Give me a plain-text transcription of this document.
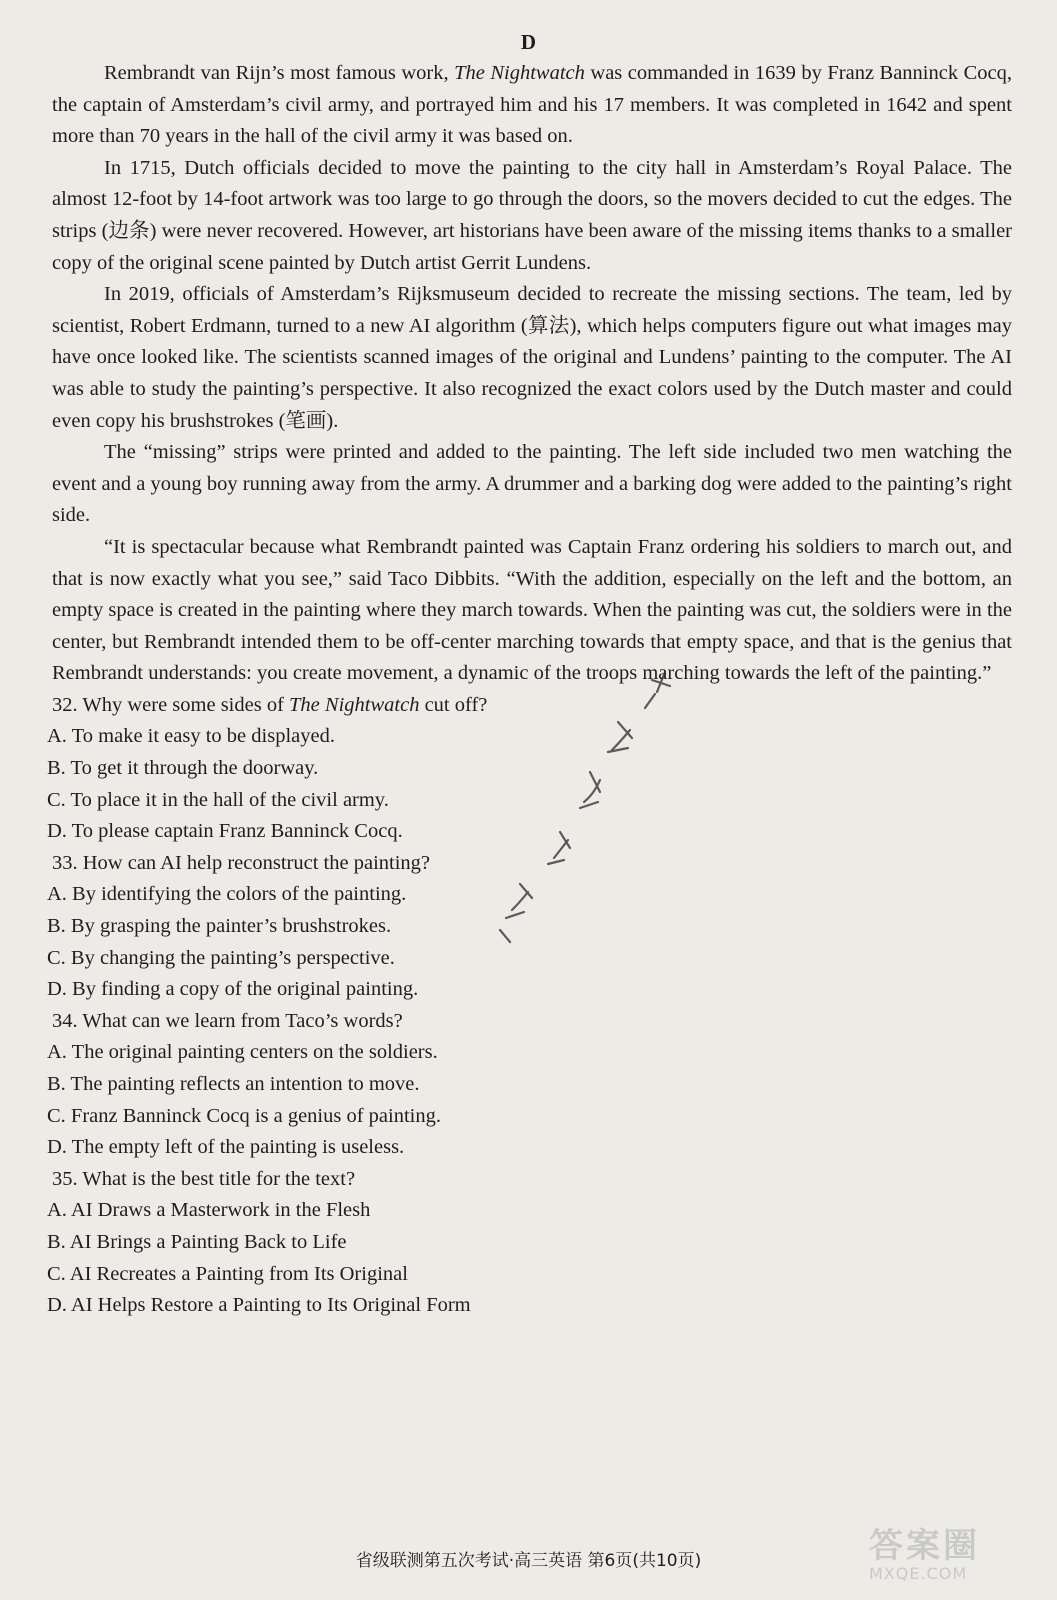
D

Rembrandt van Rijn’s most famous work, The Nightwatch was commanded in 1639 by Franz Banninck Cocq, the captain of Amsterdam’s civil army, and portrayed him and his 17 members. It was completed in 1642 and spent more than 70 years in the hall of the civil army it was based on.

In 1715, Dutch officials decided to move the painting to the city hall in Amsterdam’s Royal Palace. The almost 12-foot by 14-foot artwork was too large to go through the doors, so the movers decided to cut the edges. The strips (边条) were never recovered. However, art historians have been aware of the missing items thanks to a smaller copy of the original scene painted by Dutch artist Gerrit Lundens.

In 2019, officials of Amsterdam’s Rijksmuseum decided to recreate the missing sections. The team, led by scientist, Robert Erdmann, turned to a new AI algorithm (算法), which helps computers figure out what images may have once looked like. The scientists scanned images of the original and Lundens’ painting to the computer. The AI was able to study the painting’s perspective. It also recognized the exact colors used by the Dutch master and could even copy his brushstrokes (笔画).

The “missing” strips were printed and added to the painting. The left side included two men watching the event and a young boy running away from the army. A drummer and a barking dog were added to the painting’s right side.

“It is spectacular because what Rembrandt painted was Captain Franz ordering his soldiers to march out, and that is now exactly what you see,” said Taco Dibbits. “With the addition, especially on the left and the bottom, an empty space is created in the painting where they march towards. When the painting was cut, the soldiers were in the center, but Rembrandt intended them to be off-center marching towards that empty space, and that is the genius that Rembrandt understands: you create movement, a dynamic of the troops marching towards the left of the painting.”

32. Why were some sides of The Nightwatch cut off?
A. To make it easy to be displayed.
B. To get it through the doorway.
C. To place it in the hall of the civil army.
D. To please captain Franz Banninck Cocq.
33. How can AI help reconstruct the painting?
A. By identifying the colors of the painting.
B. By grasping the painter’s brushstrokes.
C. By changing the painting’s perspective.
D. By finding a copy of the original painting.
34. What can we learn from Taco’s words?
A. The original painting centers on the soldiers.
B. The painting reflects an intention to move.
C. Franz Banninck Cocq is a genius of painting.
D. The empty left of the painting is useless.
35. What is the best title for the text?
A. AI Draws a Masterwork in the Flesh
B. AI Brings a Painting Back to Life
C. AI Recreates a Painting from Its Original
D. AI Helps Restore a Painting to Its Original Form
省级联测第五次考试·高三英语 第6页(共10页)	答案圈
MXQE.COM
